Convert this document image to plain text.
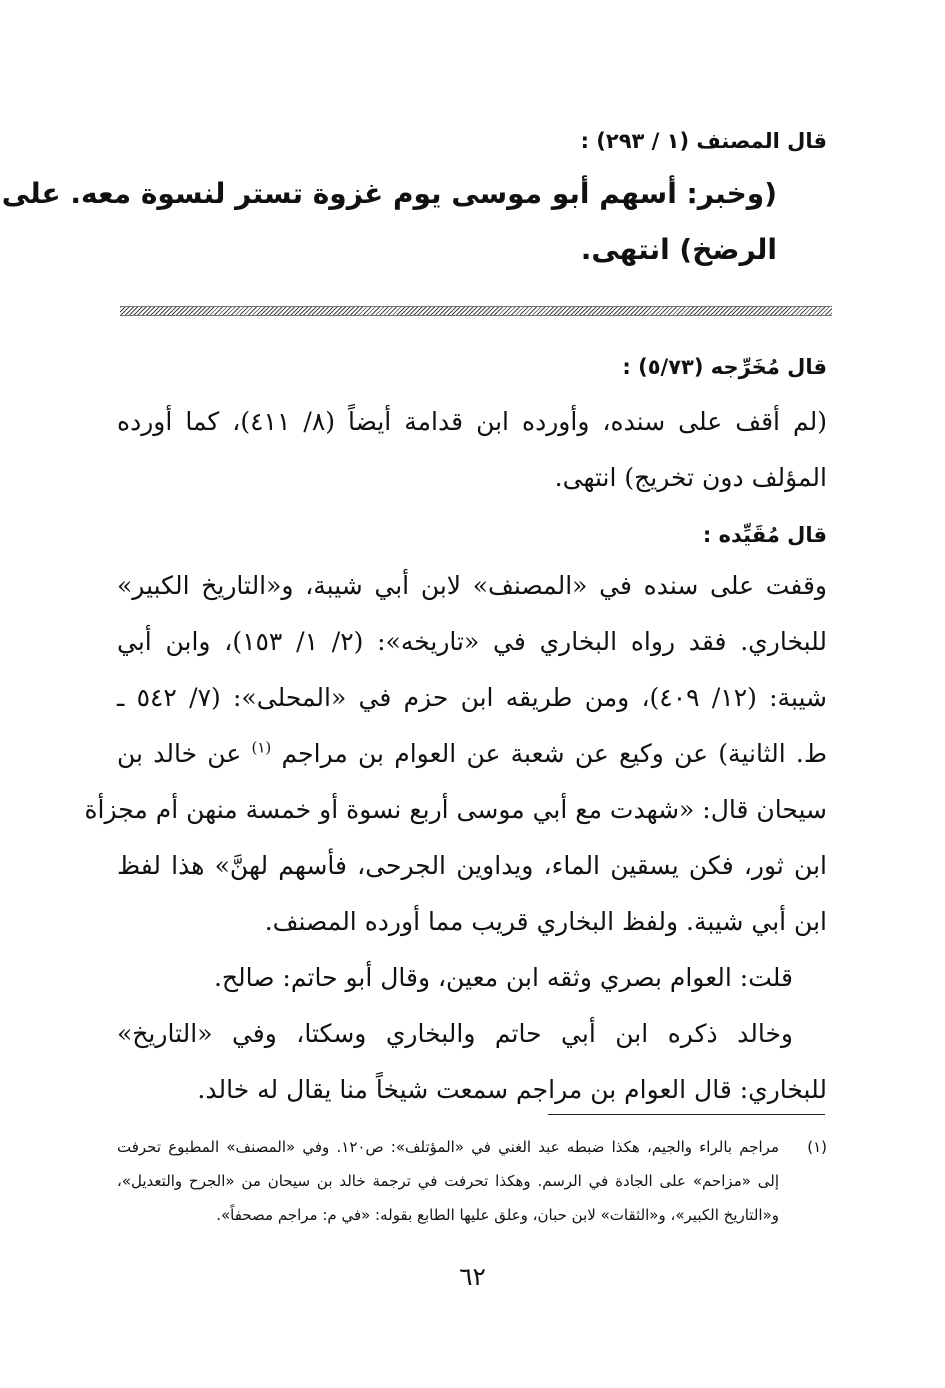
قال المصنف (١ / ٢٩٣) :
(وخبر: أسهم أبو موسى يوم غزوة تستر لنسوة معه. على
الرضخ) انتهى.
قال مُخَرِّجه (٥/٧٣) :
(لم أقف على سنده، وأورده ابن قدامة أيضاً (٨/ ٤١١)، كما أورده
المؤلف دون تخريج) انتهى.
قال مُقَيِّده :
وقفت على سنده في «المصنف» لابن أبي شيبة، و«التاريخ الكبير»
للبخاري. فقد رواه البخاري في «تاريخه»: (٢/ ١/ ١٥٣)، وابن أبي
شيبة: (١٢/ ٤٠٩)، ومن طريقه ابن حزم في «المحلى»: (٧/ ٥٤٢ ـ
ط. الثانية) عن وكيع عن شعبة عن العوام بن مراجم $^{(١)}$ عن خالد بن
سيحان قال: «شهدت مع أبي موسى أربع نسوة أو خمسة منهن أم مجزأة
ابن ثور، فكن يسقين الماء، ويداوين الجرحى، فأسهم لهنَّ» هذا لفظ
ابن أبي شيبة. ولفظ البخاري قريب مما أورده المصنف.
قلت: العوام بصري وثقه ابن معين، وقال أبو حاتم: صالح.
وخالد ذكره ابن أبي حاتم والبخاري وسكتا، وفي «التاريخ»
للبخاري: قال العوام بن مراجم سمعت شيخاً منا يقال له خالد.
(١)
مراجم بالراء والجيم، هكذا ضبطه عبد الغني في «المؤتلف»: ص١٢٠. وفي «المصنف» المطبوع تحرفت
إلى «مزاحم» على الجادة في الرسم. وهكذا تحرفت في ترجمة خالد بن سيحان من «الجرح والتعديل»،
و«التاريخ الكبير»، و«الثقات» لابن حبان، وعلق عليها الطابع بقوله: «في م: مراجم مصحفاً».
٦٢
